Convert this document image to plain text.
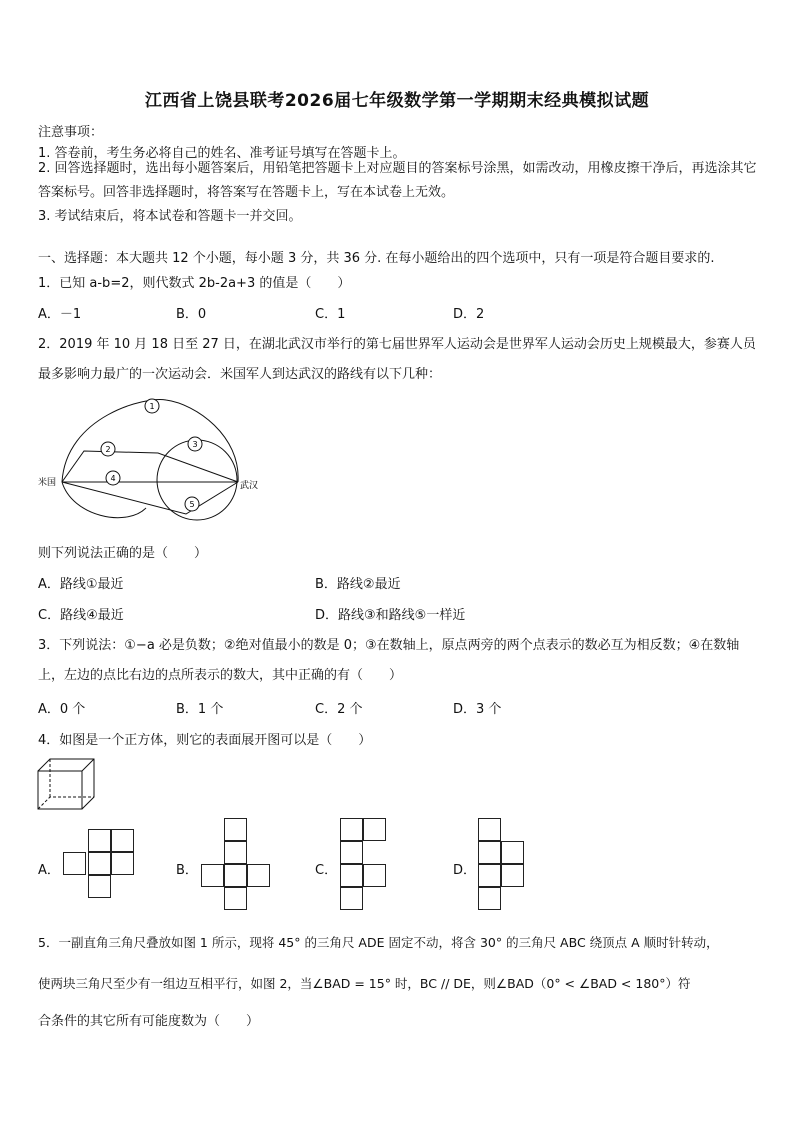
江西省上饶县联考2026届七年级数学第一学期期末经典模拟试题
注意事项：
1. 答卷前，考生务必将自己的姓名、准考证号填写在答题卡上。
2. 回答选择题时，选出每小题答案后，用铅笔把答题卡上对应题目的答案标号涂黑，如需改动，用橡皮擦干净后，再选涂其它答案标号。回答非选择题时，将答案写在答题卡上，写在本试卷上无效。
3. 考试结束后，将本试卷和答题卡一并交回。
一、选择题：本大题共 12 个小题，每小题 3 分，共 36 分. 在每小题给出的四个选项中，只有一项是符合题目要求的.
1．已知 a-b=2，则代数式 2b-2a+3 的值是（　　）
A．－1	B．0	C．1	D．2
2．2019 年 10 月 18 日至 27 日，在湖北武汉市举行的第七届世界军人运动会是世界军人运动会历史上规模最大，参赛人员最多影响力最广的一次运动会．米国军人到达武汉的路线有以下几种：
1
2
3
4
5
米国	武汉
则下列说法正确的是（　　）
A．路线①最近	B．路线②最近
C．路线④最近	D．路线③和路线⑤一样近
3．下列说法：①−a 必是负数；②绝对值最小的数是 0；③在数轴上，原点两旁的两个点表示的数必互为相反数；④在数轴上，左边的点比右边的点所表示的数大，其中正确的有（　　）
A．0 个	B．1 个	C．2 个	D．3 个
4．如图是一个正方体，则它的表面展开图可以是（　　）
A．	B．	C．	D．
5．一副直角三角尺叠放如图 1 所示，现将 45° 的三角尺 ADE 固定不动，将含 30° 的三角尺 ABC 绕顶点 A 顺时针转动，
使两块三角尺至少有一组边互相平行，如图 2，当∠BAD = 15° 时，BC // DE，则∠BAD（0° < ∠BAD < 180°）符
合条件的其它所有可能度数为（　　）
